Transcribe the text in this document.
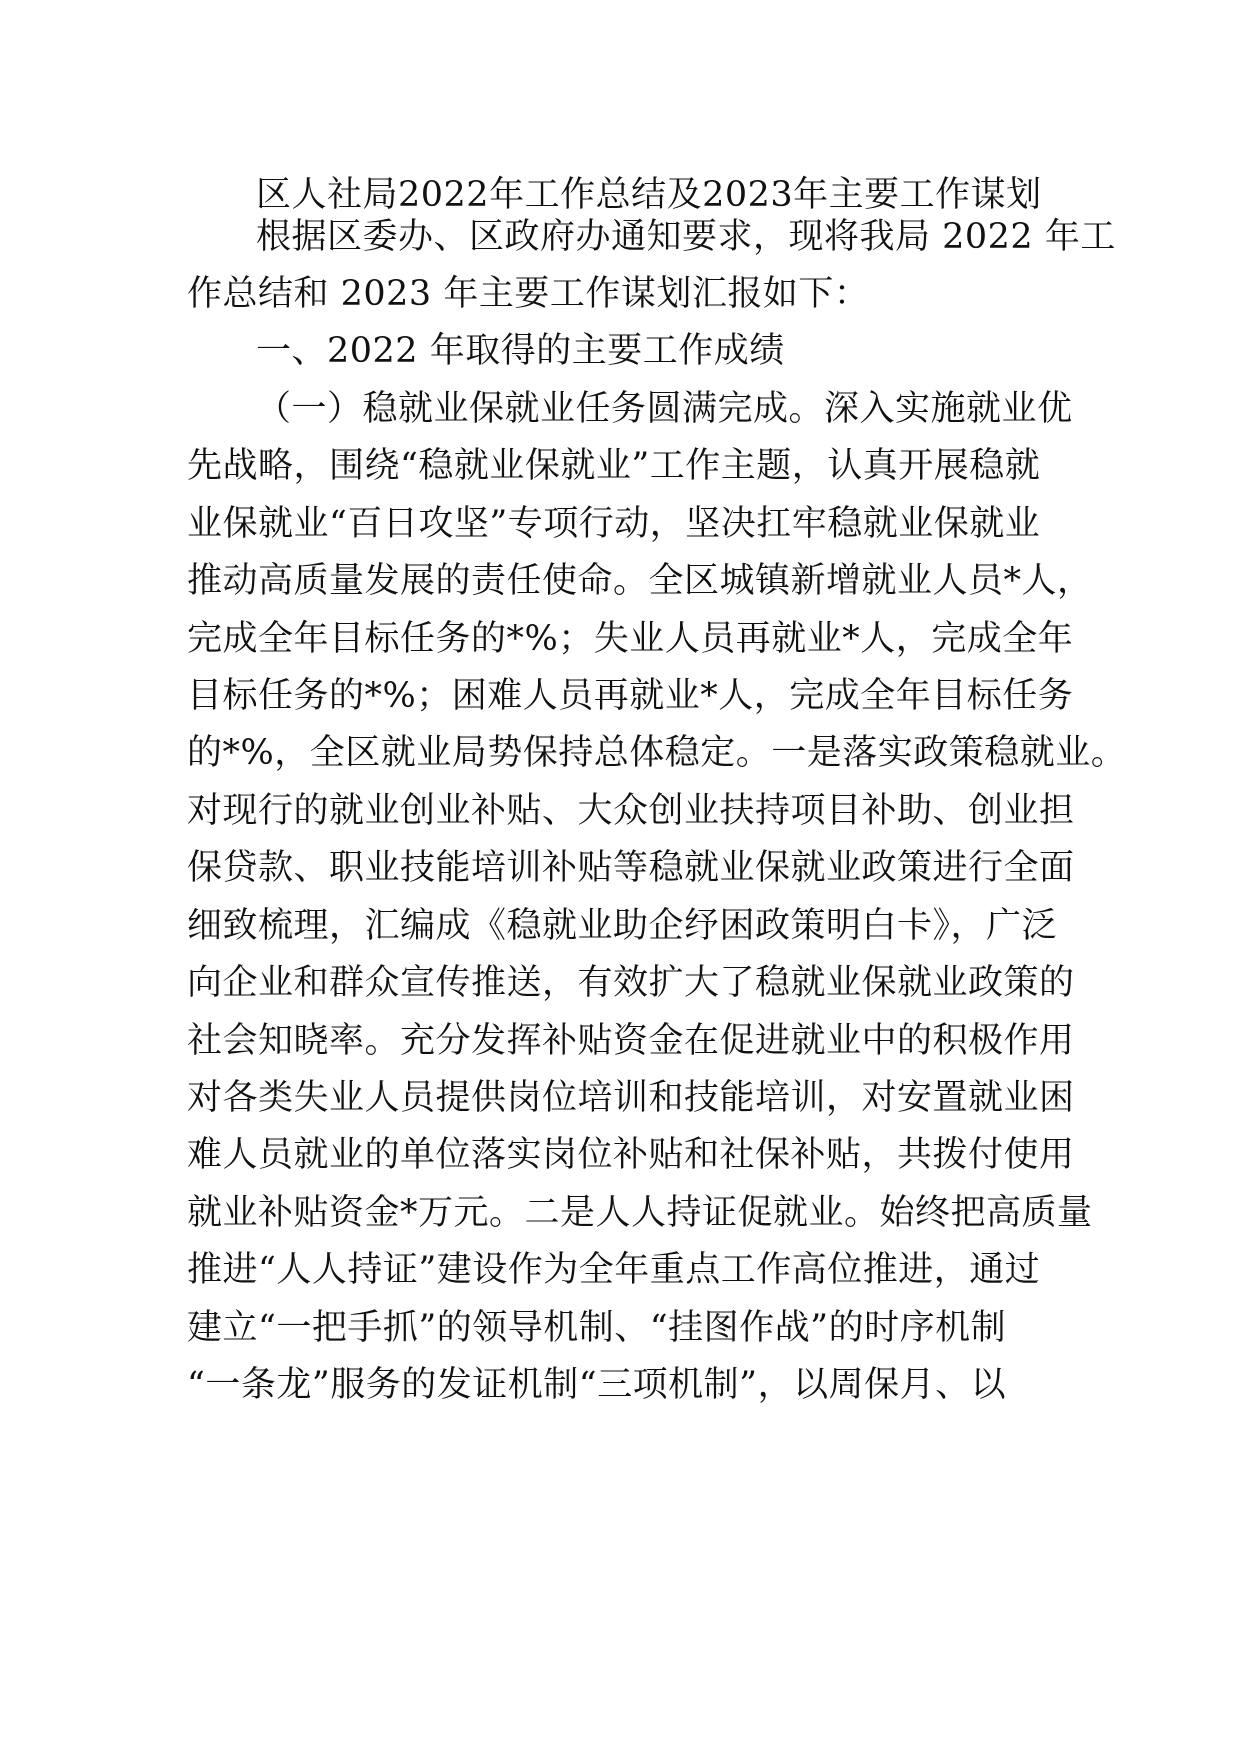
区人社局2022年工作总结及2023年主要工作谋划
根据区委办、区政府办通知要求，现将我局 2022 年工
作总结和 2023 年主要工作谋划汇报如下：
一、2022 年取得的主要工作成绩
（一）稳就业保就业任务圆满完成。深入实施就业优
先战略，围绕“稳就业保就业”工作主题，认真开展稳就
业保就业“百日攻坚”专项行动，坚决扛牢稳就业保就业
推动高质量发展的责任使命。全区城镇新增就业人员*人，
完成全年目标任务的*%；失业人员再就业*人，完成全年
目标任务的*%；困难人员再就业*人，完成全年目标任务
的*%，全区就业局势保持总体稳定。一是落实政策稳就业。
对现行的就业创业补贴、大众创业扶持项目补助、创业担
保贷款、职业技能培训补贴等稳就业保就业政策进行全面
细致梳理，汇编成《稳就业助企纾困政策明白卡》，广泛
向企业和群众宣传推送，有效扩大了稳就业保就业政策的
社会知晓率。充分发挥补贴资金在促进就业中的积极作用
对各类失业人员提供岗位培训和技能培训，对安置就业困
难人员就业的单位落实岗位补贴和社保补贴，共拨付使用
就业补贴资金*万元。二是人人持证促就业。始终把高质量
推进“人人持证”建设作为全年重点工作高位推进，通过
建立“一把手抓”的领导机制、“挂图作战”的时序机制
“一条龙”服务的发证机制“三项机制”，以周保月、以
